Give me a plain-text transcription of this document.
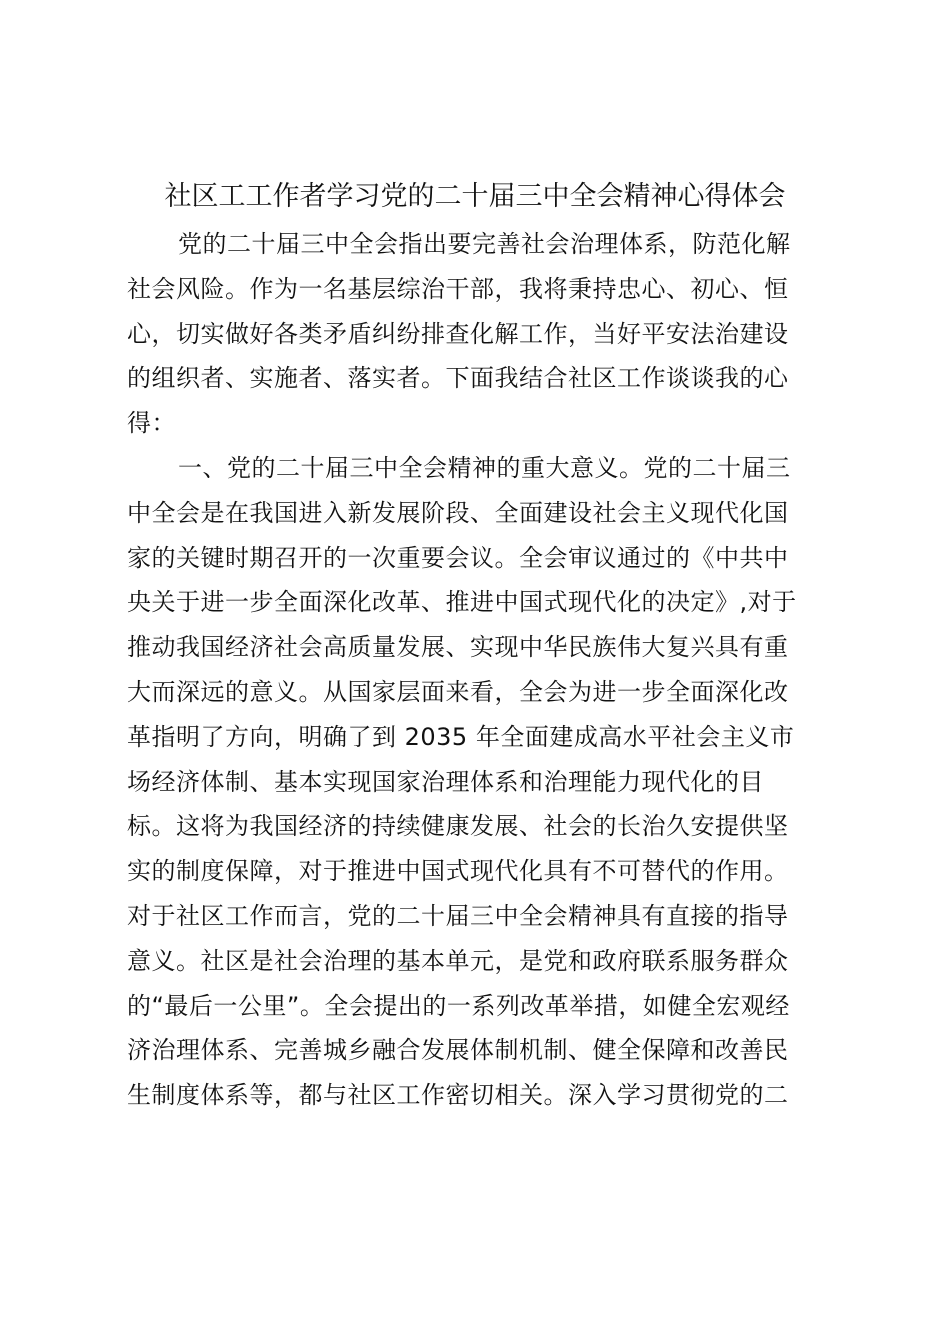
社区工工作者学习党的二十届三中全会精神心得体会
党的二十届三中全会指出要完善社会治理体系，防范化解
社会风险。作为一名基层综治干部，我将秉持忠心、初心、恒
心，切实做好各类矛盾纠纷排查化解工作，当好平安法治建设
的组织者、实施者、落实者。下面我结合社区工作谈谈我的心
得：
一、党的二十届三中全会精神的重大意义。党的二十届三
中全会是在我国进入新发展阶段、全面建设社会主义现代化国
家的关键时期召开的一次重要会议。全会审议通过的《中共中
央关于进一步全面深化改革、推进中国式现代化的决定》,对于
推动我国经济社会高质量发展、实现中华民族伟大复兴具有重
大而深远的意义。从国家层面来看，全会为进一步全面深化改
革指明了方向，明确了到 2035 年全面建成高水平社会主义市
场经济体制、基本实现国家治理体系和治理能力现代化的目
标。这将为我国经济的持续健康发展、社会的长治久安提供坚
实的制度保障，对于推进中国式现代化具有不可替代的作用。
对于社区工作而言，党的二十届三中全会精神具有直接的指导
意义。社区是社会治理的基本单元，是党和政府联系服务群众
的“最后一公里”。全会提出的一系列改革举措，如健全宏观经
济治理体系、完善城乡融合发展体制机制、健全保障和改善民
生制度体系等，都与社区工作密切相关。深入学习贯彻党的二
